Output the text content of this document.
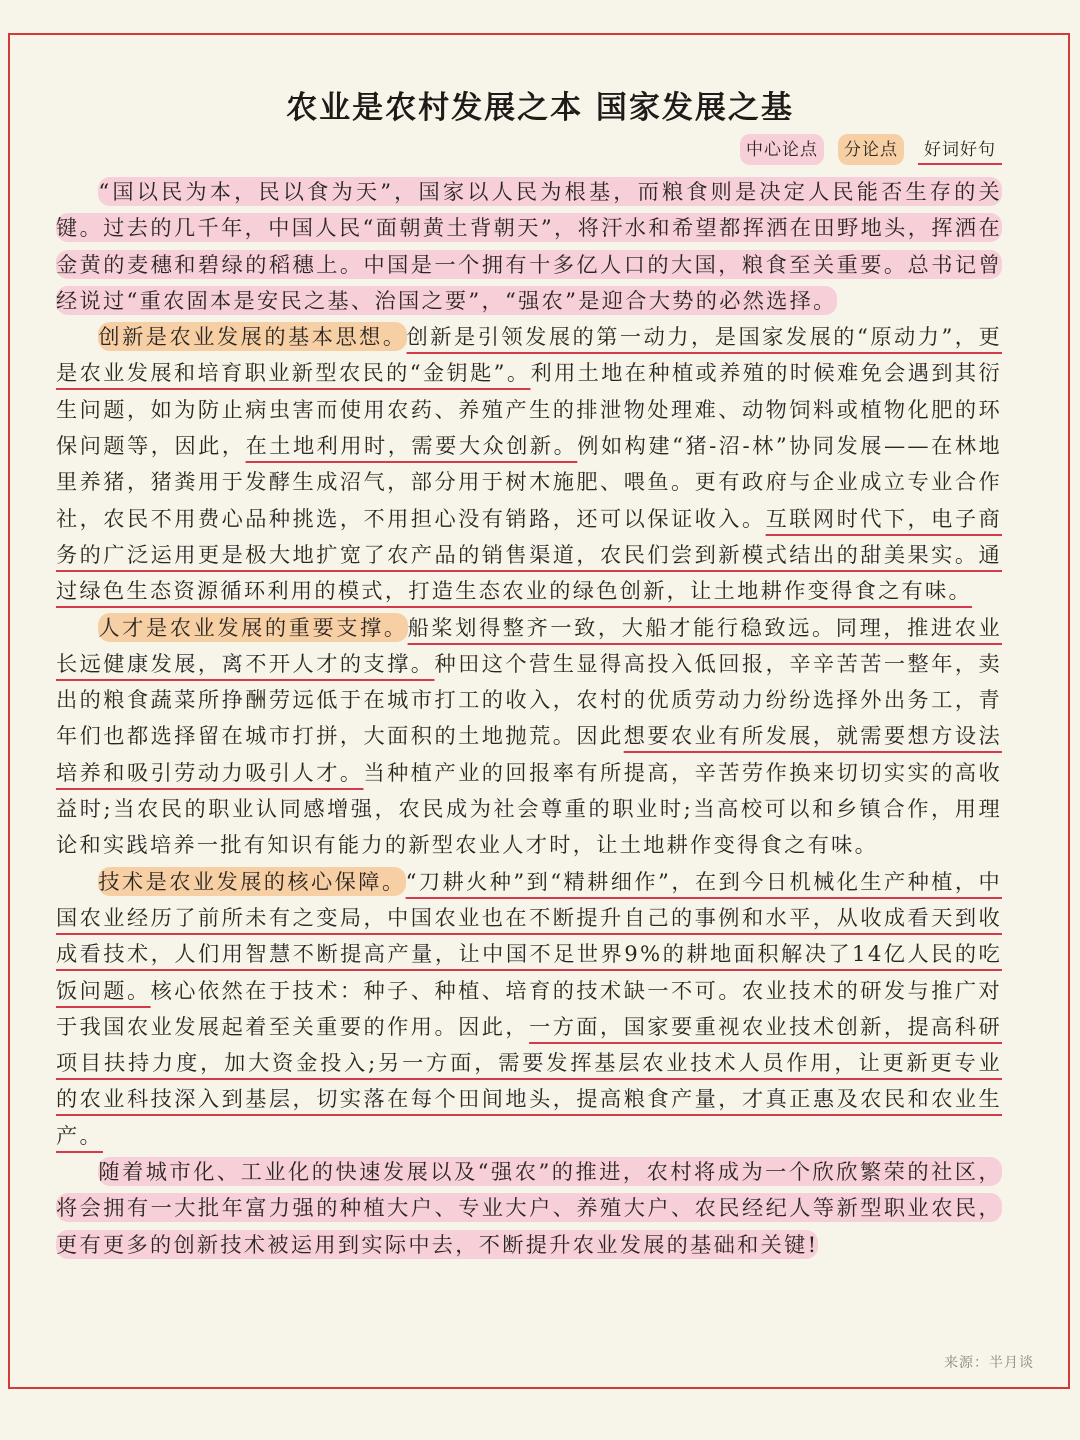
农业是农村发展之本 国家发展之基
中心论点	分论点	好词好句

“国以民为本，民以食为天”，国家以人民为根基，而粮食则是决定人民能否生存的关键。过去的几千年，中国人民“面朝黄土背朝天”，将汗水和希望都挥洒在田野地头，挥洒在金黄的麦穗和碧绿的稻穗上。中国是一个拥有十多亿人口的大国，粮食至关重要。总书记曾经说过“重农固本是安民之基、治国之要”，“强农”是迎合大势的必然选择。

创新是农业发展的基本思想。创新是引领发展的第一动力，是国家发展的“原动力”，更是农业发展和培育职业新型农民的“金钥匙”。利用土地在种植或养殖的时候难免会遇到其衍生问题，如为防止病虫害而使用农药、养殖产生的排泄物处理难、动物饲料或植物化肥的环保问题等，因此，在土地利用时，需要大众创新。例如构建“猪-沼-林”协同发展——在林地里养猪，猪粪用于发酵生成沼气，部分用于树木施肥、喂鱼。更有政府与企业成立专业合作社，农民不用费心品种挑选，不用担心没有销路，还可以保证收入。互联网时代下，电子商务的广泛运用更是极大地扩宽了农产品的销售渠道，农民们尝到新模式结出的甜美果实。通过绿色生态资源循环利用的模式，打造生态农业的绿色创新，让土地耕作变得食之有味。

人才是农业发展的重要支撑。船桨划得整齐一致，大船才能行稳致远。同理，推进农业长远健康发展，离不开人才的支撑。种田这个营生显得高投入低回报，辛辛苦苦一整年，卖出的粮食蔬菜所挣酬劳远低于在城市打工的收入，农村的优质劳动力纷纷选择外出务工，青年们也都选择留在城市打拼，大面积的土地抛荒。因此想要农业有所发展，就需要想方设法培养和吸引劳动力吸引人才。当种植产业的回报率有所提高，辛苦劳作换来切切实实的高收益时;当农民的职业认同感增强，农民成为社会尊重的职业时;当高校可以和乡镇合作，用理论和实践培养一批有知识有能力的新型农业人才时，让土地耕作变得食之有味。

技术是农业发展的核心保障。“刀耕火种”到“精耕细作”，在到今日机械化生产种植，中国农业经历了前所未有之变局，中国农业也在不断提升自己的事例和水平，从收成看天到收成看技术，人们用智慧不断提高产量，让中国不足世界9%的耕地面积解决了14亿人民的吃饭问题。核心依然在于技术：种子、种植、培育的技术缺一不可。农业技术的研发与推广对于我国农业发展起着至关重要的作用。因此，一方面，国家要重视农业技术创新，提高科研项目扶持力度，加大资金投入;另一方面，需要发挥基层农业技术人员作用，让更新更专业的农业科技深入到基层，切实落在每个田间地头，提高粮食产量，才真正惠及农民和农业生产。

随着城市化、工业化的快速发展以及“强农”的推进，农村将成为一个欣欣繁荣的社区，将会拥有一大批年富力强的种植大户、专业大户、养殖大户、农民经纪人等新型职业农民，更有更多的创新技术被运用到实际中去，不断提升农业发展的基础和关键!

来源：半月谈
